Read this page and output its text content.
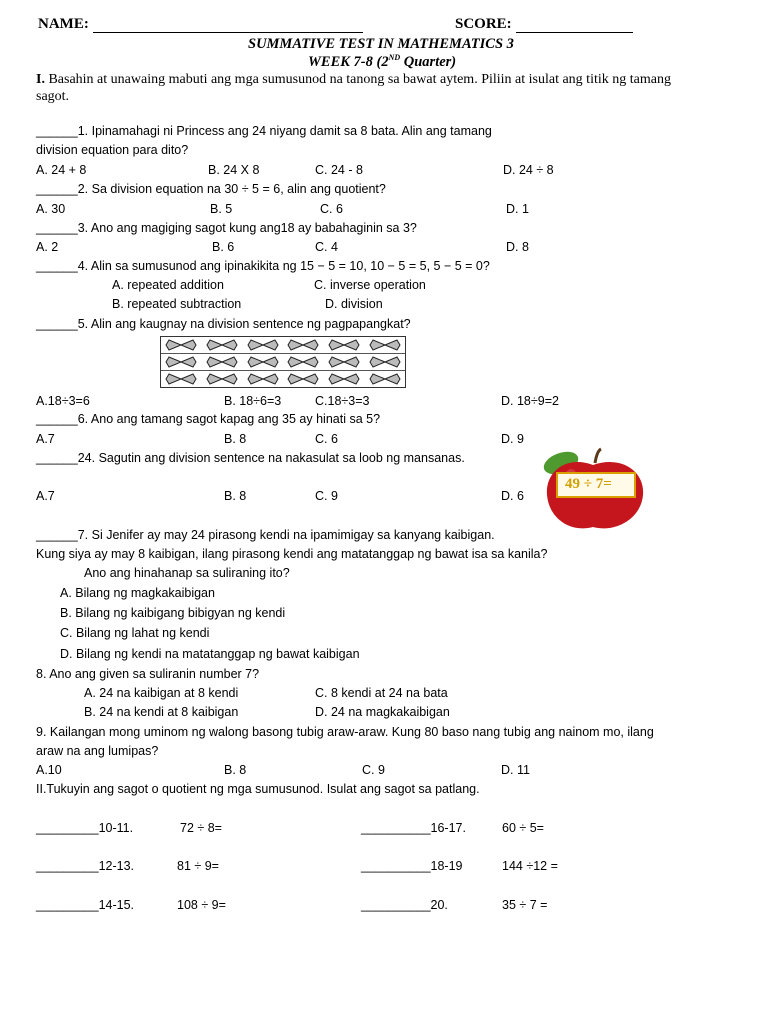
NAME:	SCORE:
SUMMATIVE TEST IN MATHEMATICS 3
WEEK 7-8 (2ND Quarter)
I. Basahin at unawaing mabuti ang mga sumusunod na tanong sa bawat aytem. Piliin at isulat ang titik ng tamang
sagot.
______1. Ipinamahagi ni Princess ang 24 niyang damit sa 8 bata. Alin ang tamang
division equation para dito?
A. 24 + 8	B. 24 X 8	C. 24 - 8	D. 24 ÷ 8
______2. Sa division equation na 30 ÷ 5 = 6, alin ang quotient?
A. 30	B. 5	C. 6	D. 1
______3. Ano ang magiging sagot kung ang18 ay babahaginin sa 3?
A. 2	B. 6	C. 4	D. 8
______4. Alin sa sumusunod ang ipinakikita ng 15 − 5 = 10, 10 − 5 = 5, 5 − 5 = 0?
A. repeated addition	C. inverse operation
B. repeated subtraction	D. division
______5. Alin ang kaugnay na division sentence ng pagpapangkat?
A.18÷3=6	B. 18÷6=3	C.18÷3=3	D. 18÷9=2
______6. Ano ang tamang sagot kapag ang 35 ay hinati sa 5?
A.7	B. 8	C. 6	D. 9
______24. Sagutin ang division sentence na nakasulat sa loob ng mansanas.
49 ÷ 7=
A.7	B. 8	C. 9	D. 6
______7. Si Jenifer ay may 24 pirasong kendi na ipamimigay sa kanyang kaibigan.
Kung siya ay may 8 kaibigan, ilang pirasong kendi ang matatanggap ng bawat isa sa kanila?
Ano ang hinahanap sa suliraning ito?
A. Bilang ng magkakaibigan
B. Bilang ng kaibigang bibigyan ng kendi
C. Bilang ng lahat ng kendi
D. Bilang ng kendi na matatanggap ng bawat kaibigan
8. Ano ang given sa suliranin number 7?
A. 24 na kaibigan at 8 kendi	C. 8 kendi at 24 na bata
B. 24 na kendi at 8 kaibigan	D. 24 na magkakaibigan
9. Kailangan mong uminom ng walong basong tubig araw-araw. Kung 80 baso nang tubig ang nainom mo, ilang
araw na ang lumipas?
A.10	B. 8	C. 9	D. 11
II.Tukuyin ang sagot o quotient ng mga sumusunod. Isulat ang sagot sa patlang.
_________10-11.	72 ÷ 8=	__________16-17.	60 ÷ 5=
_________12-13.	81 ÷ 9=	__________18-19	144 ÷12 =
_________14-15.	108 ÷ 9=	__________20.	35 ÷ 7 =
